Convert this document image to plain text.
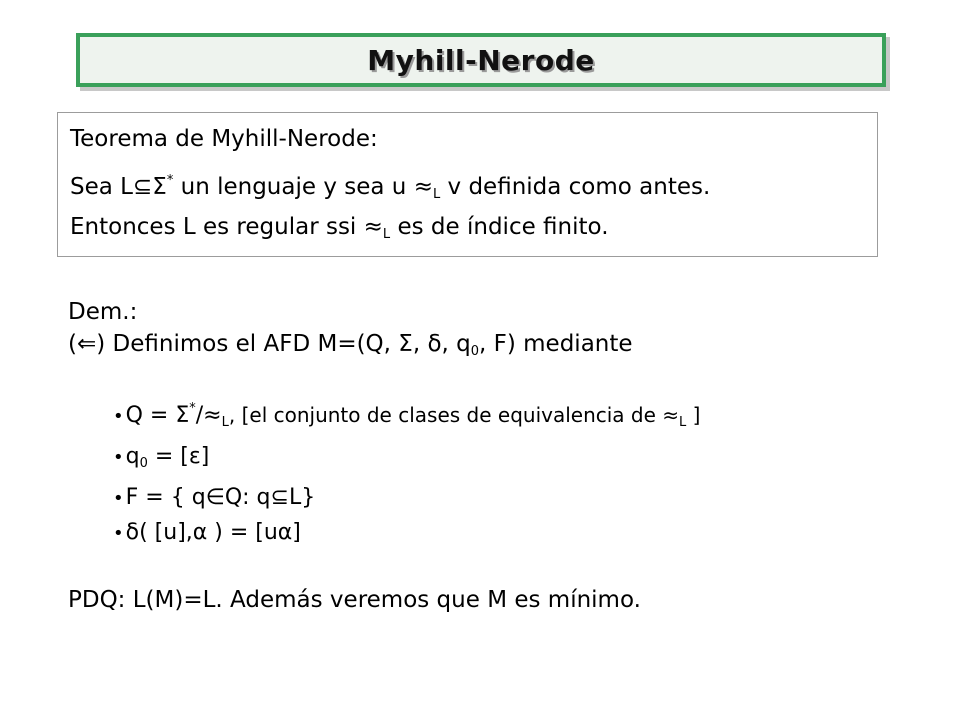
Myhill-Nerode
Teorema de Myhill-Nerode:
Sea L⊆Σ* un lenguaje y sea $u \approx_L$ v definida como antes.
Entonces L es regular ssi $\approx_L$ es de índice finito.
Dem.:
(⇐) Definimos el AFD M=(Q, Σ, δ, $q_0$, F) mediante
•Q = $\Sigma^*/\approx_L$, [el conjunto de clases de equivalencia de $\approx_L$ ]
$•q_0 = [\varepsilon]$
•F = { q∈Q: q⊆L}
•δ( [u],α ) = [uα]
PDQ: L(M)=L. Además veremos que M es mínimo.
